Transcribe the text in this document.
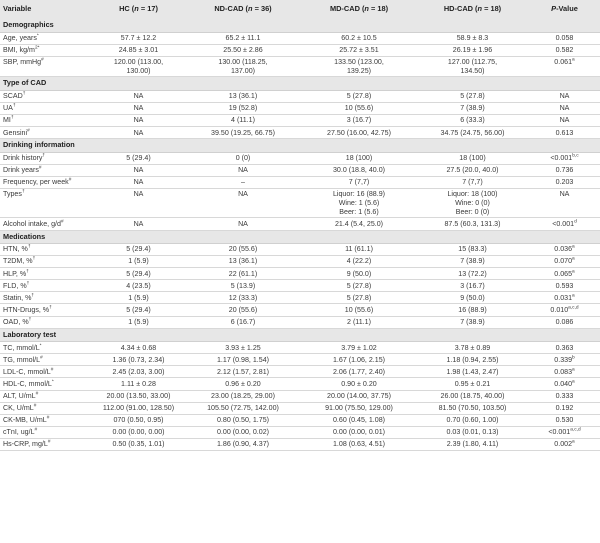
Variable	HC (n = 17)	ND-CAD (n = 36)	MD-CAD (n = 18)	HD-CAD (n = 18)	P-Value
Demographics					
Age, years*	57.7 ± 12.2	65.2 ± 11.1	60.2 ± 10.5	58.9 ± 8.3	0.058

BMI, $kg/m^{2*}$	24.85 ± 3.01	25.50 ± 2.86	25.72 ± 3.51	26.19 ± 1.96	0.582

SBP, mmHg#	120.00 (113.00,
130.00)	130.00 (118.25,
137.00)	133.50 (123.00,
139.25)	127.00 (112.75,
134.50)	0.061$^a$

Type of CAD					
SCAD†	NA	13 (36.1)	5 (27.8)	5 (27.8)	NA

UA†	NA	19 (52.8)	10 (55.6)	7 (38.9)	NA

MI†	NA	4 (11.1)	3 (16.7)	6 (33.3)	NA

Gensini#	NA	39.50 (19.25, 66.75)	27.50 (16.00, 42.75)	34.75 (24.75, 56.00)	0.613

Drinking information					
Drink history†	5 (29.4)	0 (0)	18 (100)	18 (100)	$<0.001^{b,c}$

Drink years#	NA	NA	30.0 (18.8, 40.0)	27.5 (20.0, 40.0)	0.736

Frequency, per week#	NA	–	7 (7,7)	7 (7,7)	0.203

Types†	NA	NA	Liquor: 16 (88.9)
Wine: 1 (5.6)
Beer: 1 (5.6)	Liquor: 18 (100)
Wine: 0 (0)
Beer: 0 (0)	NA

Alcohol intake, g/d#	NA	NA	21.4 (5.4, 25.0)	87.5 (60.3, 131.3)	<0.001$^d$

Medications					
HTN, %†	5 (29.4)	20 (55.6)	11 (61.1)	15 (83.3)	0.036$^a$

T2DM, %†	1 (5.9)	13 (36.1)	4 (22.2)	7 (38.9)	0.070$^a$

HLP, %†	5 (29.4)	22 (61.1)	9 (50.0)	13 (72.2)	0.065$^a$

FLD, %†	4 (23.5)	5 (13.9)	5 (27.8)	3 (16.7)	0.593

Statin, %†	1 (5.9)	12 (33.3)	5 (27.8)	9 (50.0)	0.031$^a$

HTN-Drugs, %†	5 (29.4)	20 (55.6)	10 (55.6)	16 (88.9)	0.010$^{a,c,d}$

OAD, %†	1 (5.9)	6 (16.7)	2 (11.1)	7 (38.9)	0.086

Laboratory test					
TC, mmol/L*	4.34 ± 0.68	3.93 ± 1.25	3.79 ± 1.02	3.78 ± 0.89	0.363

TG, mmol/L#	1.36 (0.73, 2.34)	1.17 (0.98, 1.54)	1.67 (1.06, 2.15)	1.18 (0.94, 2.55)	0.339$^b$

LDL-C, mmol/L#	2.45 (2.03, 3.00)	2.12 (1.57, 2.81)	2.06 (1.77, 2.40)	1.98 (1.43, 2.47)	0.083$^a$

HDL-C, mmol/L*	1.11 ± 0.28	0.96 ± 0.20	0.90 ± 0.20	0.95 ± 0.21	0.040$^a$

ALT, U/mL#	20.00 (13.50, 33.00)	23.00 (18.25, 29.00)	20.00 (14.00, 37.75)	26.00 (18.75, 40.00)	0.333

CK, U/mL#	112.00 (91.00, 128.50)	105.50 (72.75, 142.00)	91.00 (75.50, 129.00)	81.50 (70.50, 103.50)	0.192

CK-MB, U/mL#	070 (0.50, 0.95)	0.80 (0.50, 1.75)	0.60 (0.45, 1.08)	0.70 (0.60, 1.00)	0.530

cTnI, ug/L#	0.00 (0.00, 0.00)	0.00 (0.00, 0.02)	0.00 (0.00, 0.01)	0.03 (0.01, 0.13)	$<0.001^{a,c,d}$

Hs-CRP, mg/L#	0.50 (0.35, 1.01)	1.86 (0.90, 4.37)	1.08 (0.63, 4.51)	2.39 (1.80, 4.11)	0.002$^a$
